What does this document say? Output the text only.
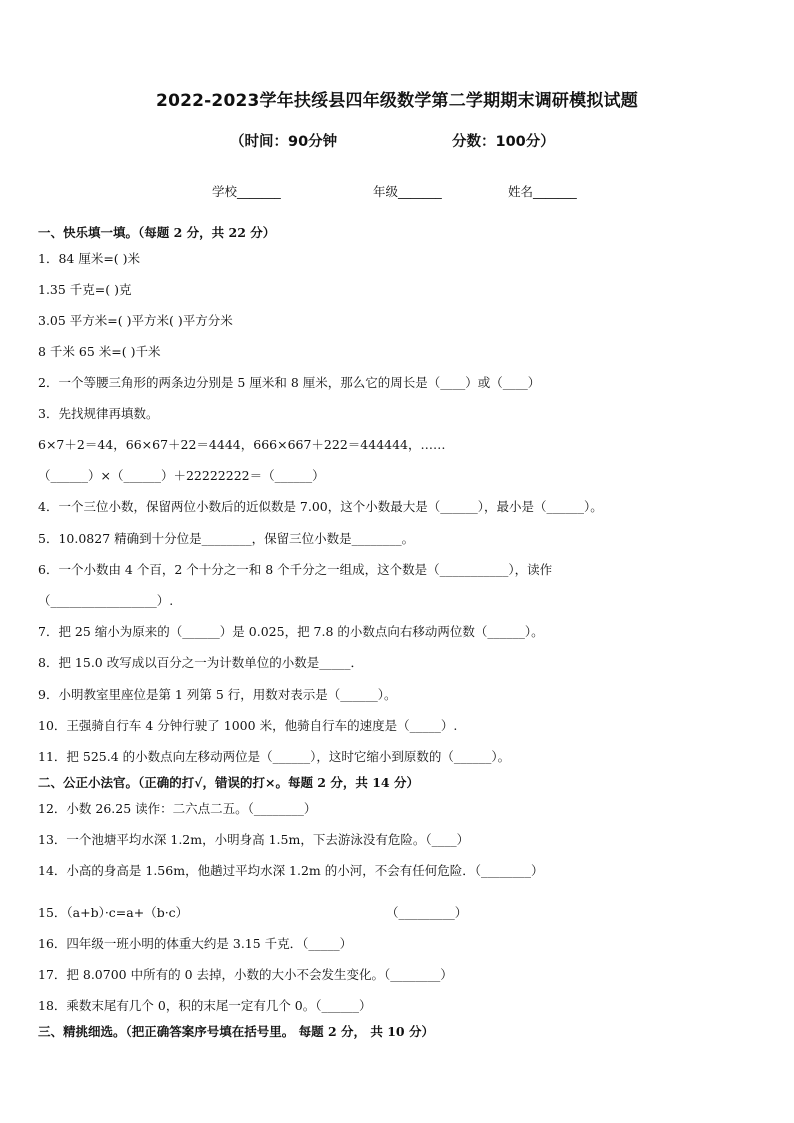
2022-2023学年扶绥县四年级数学第二学期期末调研模拟试题
（时间：90分钟	分数：100分）
学校_______	年级_______	姓名_______
一、快乐填一填。（每题 2 分，共 22 分）
1．84 厘米=( )米
1.35 千克=( )克
3.05 平方米=( )平方米( )平方分米
8 千米 65 米=( )千米
2．一个等腰三角形的两条边分别是 5 厘米和 8 厘米，那么它的周长是（____）或（____）
3．先找规律再填数。
6×7＋2＝44，66×67＋22＝4444，666×667＋222＝444444，……
（______）×（______）＋22222222＝（______）
4．一个三位小数，保留两位小数后的近似数是 7.00，这个小数最大是（______），最小是（______）。
5．10.0827 精确到十分位是________，保留三位小数是________。
6．一个小数由 4 个百，2 个十分之一和 8 个千分之一组成，这个数是（___________），读作
（_________________）.
7．把 25 缩小为原来的（______）是 0.025，把 7.8 的小数点向右移动两位数（______）。
8．把 15.0 改写成以百分之一为计数单位的小数是_____．
9．小明教室里座位是第 1 列第 5 行，用数对表示是（______）。
10．王强骑自行车 4 分钟行驶了 1000 米，他骑自行车的速度是（_____）.
11．把 525.4 的小数点向左移动两位是（______），这时它缩小到原数的（______）。
二、公正小法官。（正确的打√，错误的打×。每题 2 分，共 14 分）
12．小数 26.25 读作：二六点二五。（________）
13．一个池塘平均水深 1.2m，小明身高 1.5m，下去游泳没有危险。（____）
14．小高的身高是 1.56m，他趟过平均水深 1.2m 的小河，不会有任何危险．（________）
15．（a+b）·c=a+（b·c）	（_________）
16．四年级一班小明的体重大约是 3.15 千克．（_____）
17．把 8.0700 中所有的 0 去掉，小数的大小不会发生变化。（________）
18．乘数末尾有几个 0，积的末尾一定有几个 0。（______）
三、精挑细选。（把正确答案序号填在括号里。 每题 2 分， 共 10 分）
